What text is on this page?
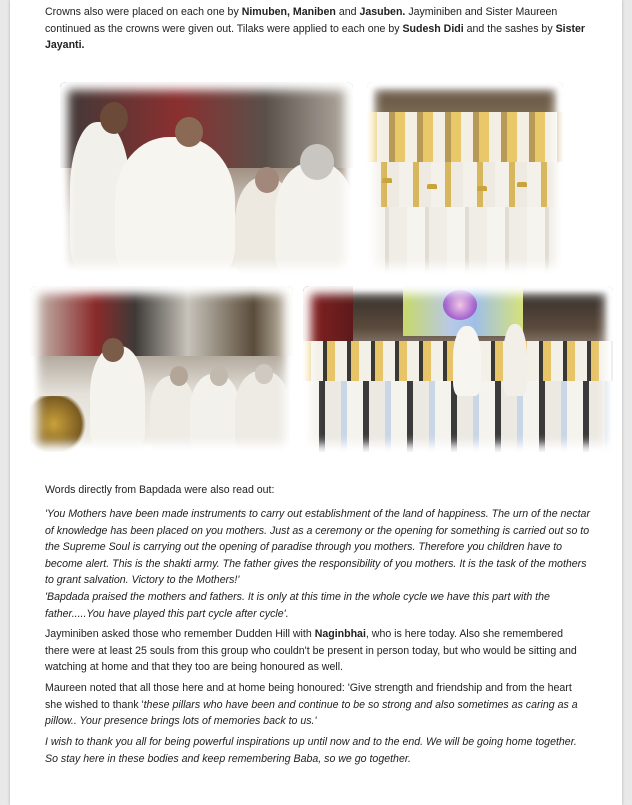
Crowns also were placed on each one by Nimuben, Maniben and Jasuben. Jayminiben and Sister Maureen continued as the crowns were given out. Tilaks were applied to each one by Sudesh Didi and the sashes by Sister Jayanti.

Words directly from Bapdada were also read out:

'You Mothers have been made instruments to carry out establishment of the land of happiness. The urn of the nectar of knowledge has been placed on you mothers. Just as a ceremony or the opening for something is carried out so to the Supreme Soul is carrying out the opening of paradise through you mothers. Therefore you children have to become alert. This is the shakti army. The father gives the responsibility of you mothers. It is the task of the mothers to grant salvation. Victory to the Mothers!'

'Bapdada praised the mothers and fathers. It is only at this time in the whole cycle we have this part with the father.....You have played this part cycle after cycle'.

Jayminiben asked those who remember Dudden Hill with Naginbhai, who is here today. Also she remembered there were at least 25 souls from this group who couldn't be present in person today, but who would be sitting and watching at home and that they too are being honoured as well.

Maureen noted that all those here and at home being honoured: 'Give strength and friendship and from the heart she wished to thank 'these pillars who have been and continue to be so strong and also sometimes as caring as a pillow.. Your presence brings lots of memories back to us.'

I wish to thank you all for being powerful inspirations up until now and to the end. We will be going home together. So stay here in these bodies and keep remembering Baba, so we go together.
